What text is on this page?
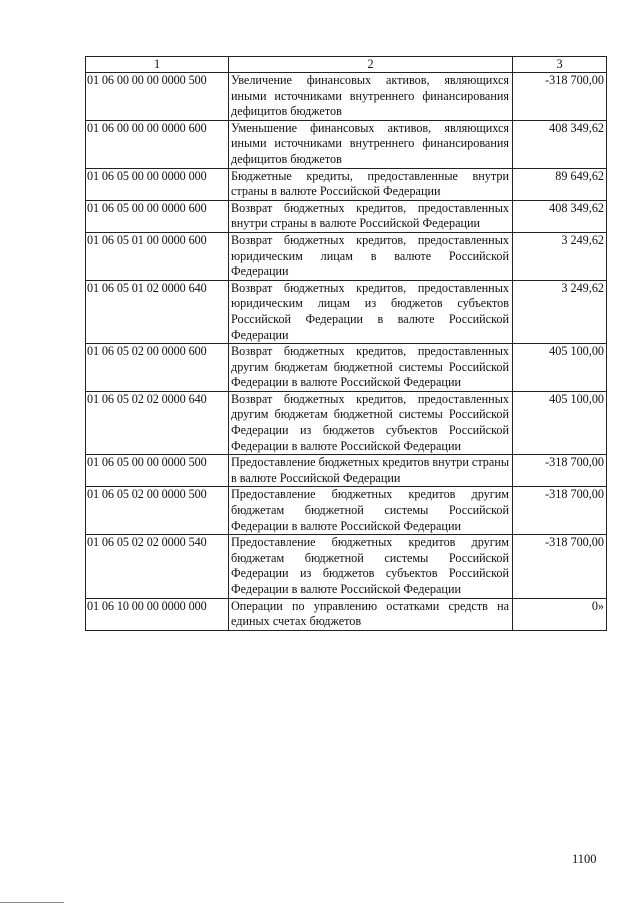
1	2	3
01 06 00 00 00 0000 500	Увеличение финансовых активов, являющихся иными источниками внутреннего финансирования дефицитов бюджетов	-318 700,00
01 06 00 00 00 0000 600	Уменьшение финансовых активов, являющихся иными источниками внутреннего финансирования дефицитов бюджетов	408 349,62
01 06 05 00 00 0000 000	Бюджетные кредиты, предоставленные внутри страны в валюте Российской Федерации	89 649,62
01 06 05 00 00 0000 600	Возврат бюджетных кредитов, предоставленных внутри страны в валюте Российской Федерации	408 349,62
01 06 05 01 00 0000 600	Возврат бюджетных кредитов, предоставленных юридическим лицам в валюте Российской Федерации	3 249,62
01 06 05 01 02 0000 640	Возврат бюджетных кредитов, предоставленных юридическим лицам из бюджетов субъектов Российской Федерации в валюте Российской Федерации	3 249,62
01 06 05 02 00 0000 600	Возврат бюджетных кредитов, предоставленных другим бюджетам бюджетной системы Российской Федерации в валюте Российской Федерации	405 100,00
01 06 05 02 02 0000 640	Возврат бюджетных кредитов, предоставленных другим бюджетам бюджетной системы Российской Федерации из бюджетов субъектов Российской Федерации в валюте Российской Федерации	405 100,00
01 06 05 00 00 0000 500	Предоставление бюджетных кредитов внутри страны в валюте Российской Федерации	-318 700,00
01 06 05 02 00 0000 500	Предоставление бюджетных кредитов другим бюджетам бюджетной системы Российской Федерации в валюте Российской Федерации	-318 700,00
01 06 05 02 02 0000 540	Предоставление бюджетных кредитов другим бюджетам бюджетной системы Российской Федерации из бюджетов субъектов Российской Федерации в валюте Российской Федерации	-318 700,00
01 06 10 00 00 0000 000	Операции по управлению остатками средств на единых счетах бюджетов	0»
1100
